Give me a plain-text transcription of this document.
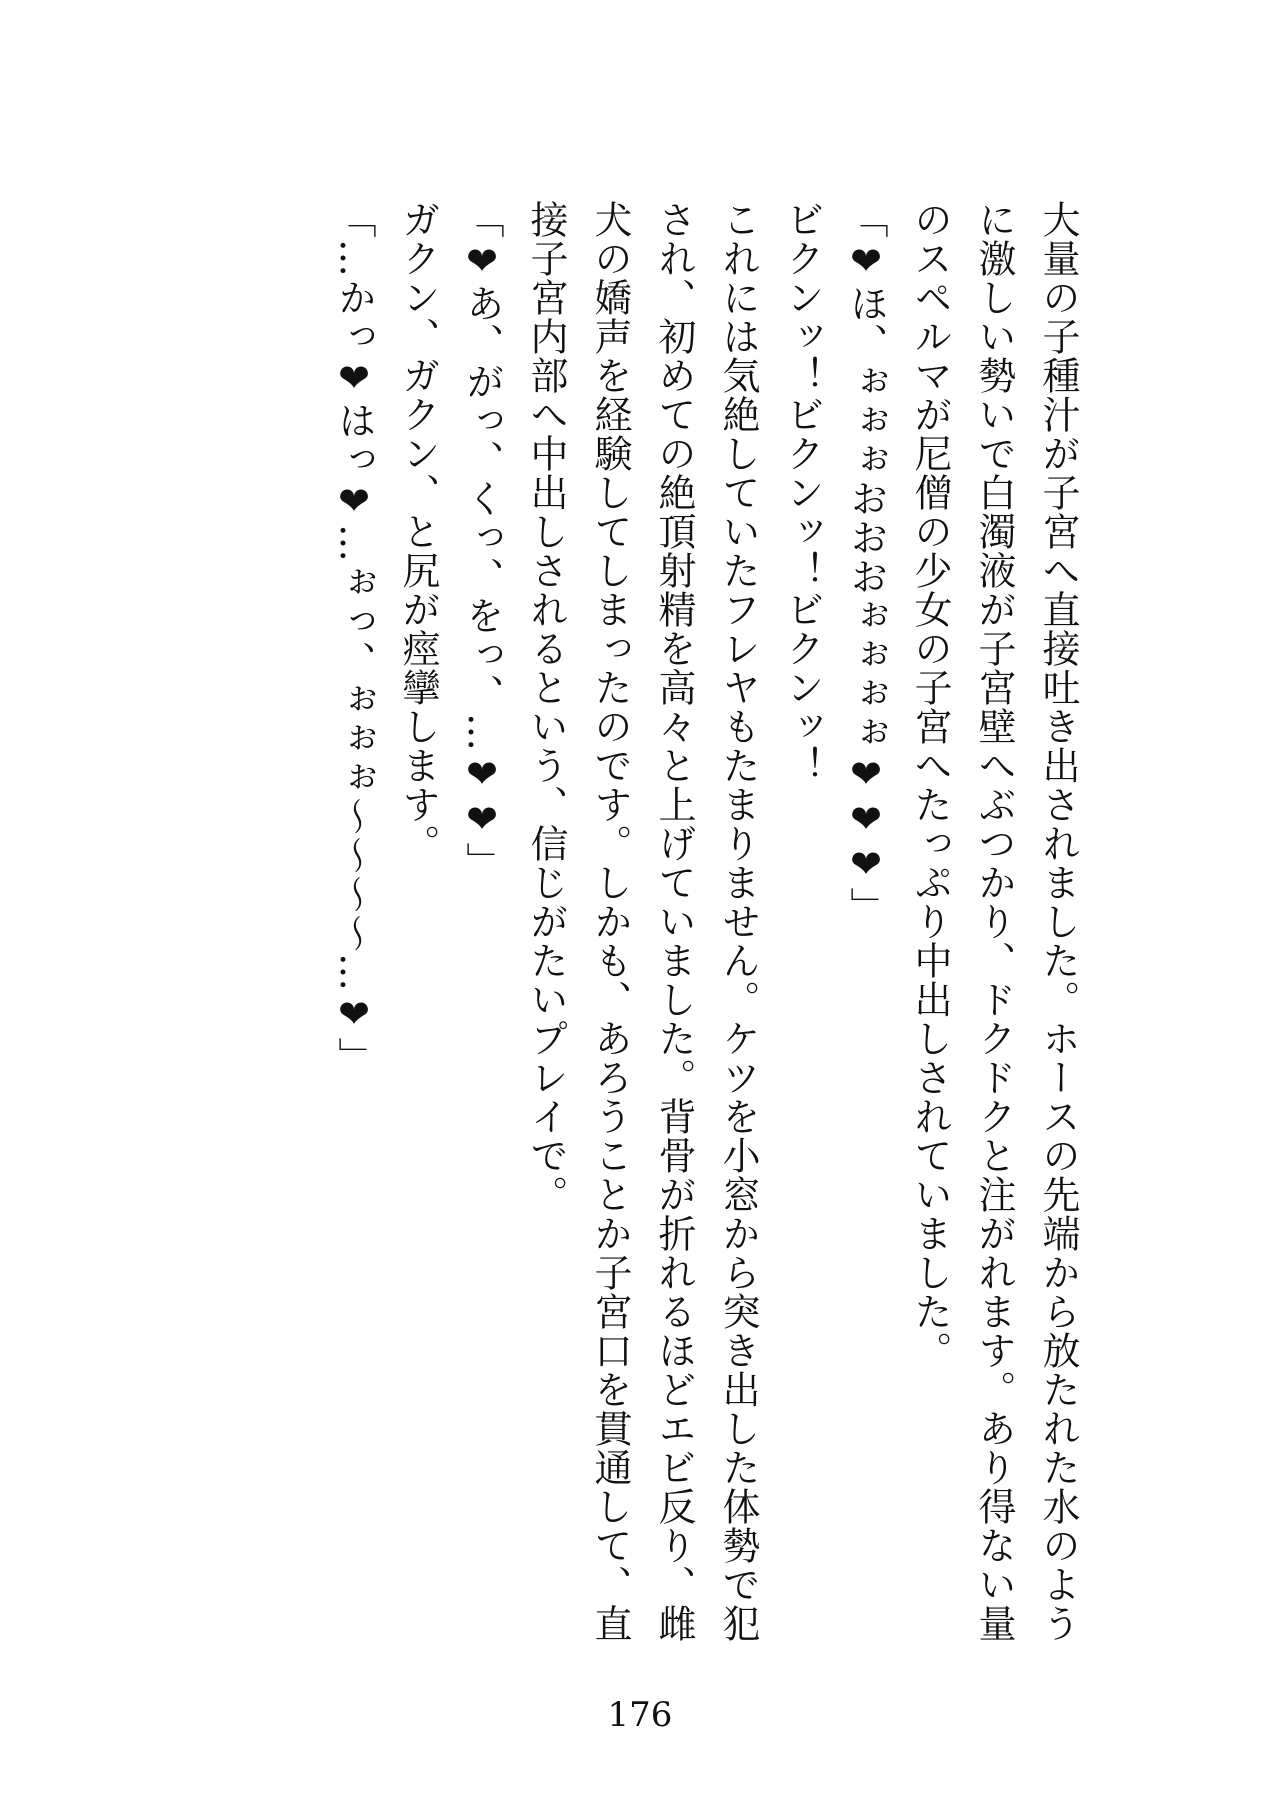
大量の子種汁が子宮へ直接吐き出されました。ホースの先端から放たれた水のように激しい勢いで白濁液が子宮壁へぶつかり、ドクドクと注がれます。あり得ない量のスペルマが尼僧の少女の子宮へたっぷり中出しされていました。

「❤ほ、ぉぉぉおおおぉぉぉぉ❤❤❤」

ビクンッ！ビクンッ！ビクンッ！

これには気絶していたフレヤもたまりません。ケツを小窓から突き出した体勢で犯され、初めての絶頂射精を高々と上げていました。背骨が折れるほどエビ反り、雌犬の嬌声を経験してしまったのです。しかも、あろうことか子宮口を貫通して、直接子宮内部へ中出しされるという、信じがたいプレイで。

「❤あ、がっ、くっ、をっ、…❤❤」

ガクン、ガクン、と尻が痙攣します。

「…かっ❤はっ❤…ぉっ、ぉぉぉ～～～～…❤」

176
